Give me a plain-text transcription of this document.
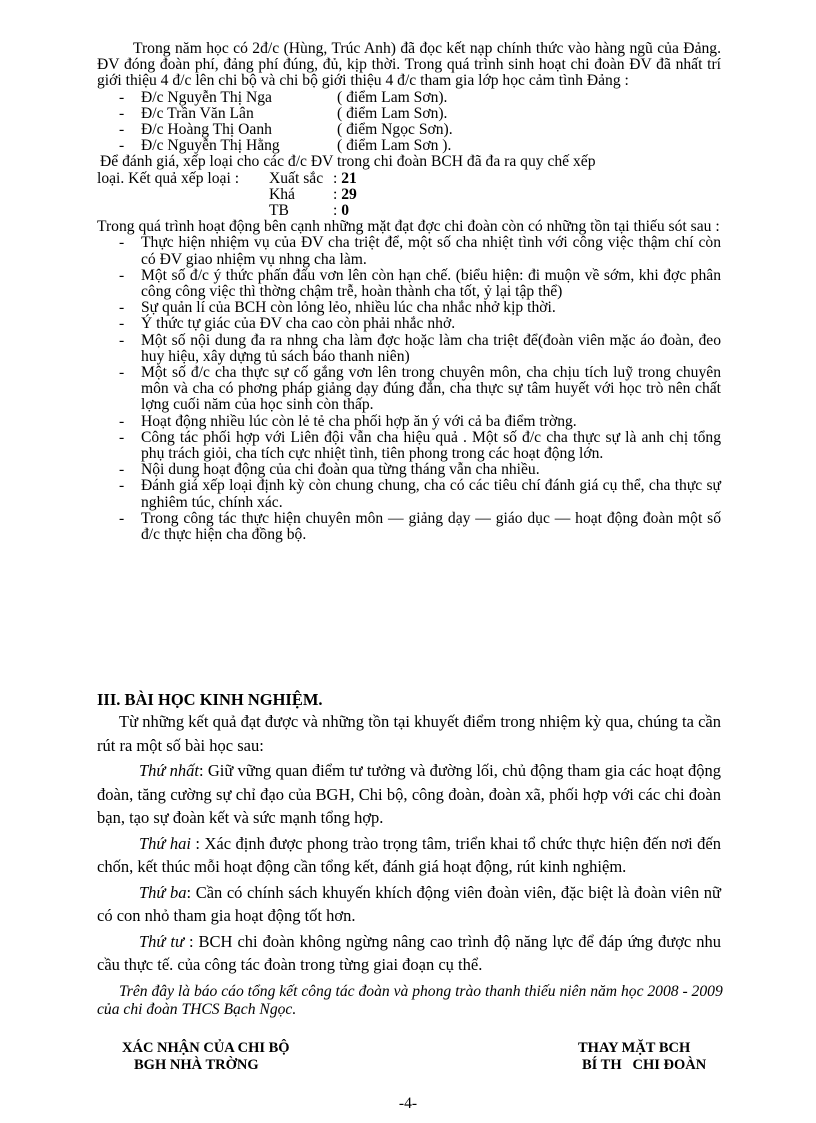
Trong năm học có 2đ/c (Hùng, Trúc Anh) đã đọc kết nạp chính thức vào hàng ngũ của Đảng. ĐV đóng đoàn phí, đảng phí đúng, đủ, kịp thời. Trong quá trình sinh hoạt chi đoàn ĐV đã nhất trí giới thiệu 4 đ/c lên chi bộ và chi bộ giới thiệu 4 đ/c tham gia lớp học cảm tình Đảng :

- Đ/c Nguyễn Thị Nga	( điểm Lam Sơn).
- Đ/c Trần Văn Lân	( điểm Lam Sơn).
- Đ/c Hoàng Thị Oanh	( điểm Ngọc Sơn).
- Đ/c Nguyễn Thị Hằng	( điểm Lam Sơn ).

Để đánh giá, xếp loại cho các đ/c ĐV trong chi đoàn BCH đã đa ra quy chế xếp

loại. Kết quả xếp loại :	Xuất sắc : 21
Khá : 29
TB	: 0

Trong quá trình hoạt động bên cạnh những mặt đạt đợc chi đoàn còn có những tồn tại thiếu sót sau :

- Thực hiện nhiệm vụ của ĐV cha triệt để, một số cha nhiệt tình với công việc thậm chí còn có ĐV giao nhiệm vụ nhng cha làm.
- Một số đ/c ý thức phấn đấu vơn lên còn hạn chế. (biểu hiện: đi muộn về sớm, khi đợc phân công công việc thì thờng chậm trễ, hoàn thành cha tốt, ỷ lại tập thể)
- Sự quản lí của BCH còn lỏng lẻo, nhiều lúc cha nhắc nhở kịp thời.
- Ý thức tự giác của ĐV cha cao còn phải nhắc nhở.
- Một số nội dung đa ra nhng cha làm đợc hoặc làm cha triệt để(đoàn viên mặc áo đoàn, đeo huy hiệu, xây dựng tủ sách báo thanh niên)
- Một số đ/c cha thực sự cố gắng vơn lên trong chuyên môn, cha chịu tích luỹ trong chuyên môn và cha có phơng pháp giảng dạy đúng đắn, cha thực sự tâm huyết với học trò nên chất lợng cuối năm của học sinh còn thấp.
- Hoạt động nhiều lúc còn lẻ tẻ cha phối hợp ăn ý với cả ba điểm trờng.
- Công tác phối hợp với Liên đội vẫn cha hiệu quả . Một số đ/c cha thực sự là anh chị tổng phụ trách giỏi, cha tích cực nhiệt tình, tiên phong trong các hoạt động lớn.
- Nội dung hoạt động của chi đoàn qua từng tháng vẫn cha nhiều.
- Đánh giá xếp loại định kỳ còn chung chung, cha có các tiêu chí đánh giá cụ thể, cha thực sự nghiêm túc, chính xác.
- Trong công tác thực hiện chuyên môn — giảng dạy — giáo dục — hoạt động đoàn một số đ/c thực hiện cha đồng bộ.
III. BÀI HỌC KINH NGHIỆM.

Từ những kết quả đạt được và những tồn tại khuyết điểm trong nhiệm kỳ qua, chúng ta cần rút ra một số bài học sau:

Thứ nhất: Giữ vững quan điểm tư tưởng và đường lối, chủ động tham gia các hoạt động đoàn, tăng cường sự chỉ đạo của BGH, Chi bộ, công đoàn, đoàn xã, phối hợp với các chi đoàn bạn, tạo sự đoàn kết và sức mạnh tổng hợp.

Thứ hai : Xác định được phong trào trọng tâm, triển khai tổ chức thực hiện đến nơi đến chốn, kết thúc mỗi hoạt động cần tổng kết, đánh giá hoạt động, rút kinh nghiệm.

Thứ ba: Cần có chính sách khuyến khích động viên đoàn viên, đặc biệt là đoàn viên nữ có con nhỏ tham gia hoạt động tốt hơn.

Thứ tư : BCH chi đoàn không ngừng nâng cao trình độ năng lực để đáp ứng được nhu cầu thực tế. của công tác đoàn trong từng giai đoạn cụ thể.

Trên đây là báo cáo tổng kết công tác đoàn và phong trào thanh thiếu niên năm học 2008 - 2009 của chi đoàn THCS Bạch Ngọc.
XÁC NHẬN CỦA CHI BỘ
BGH NHÀ TRỜNG
THAY MẶT BCH
BÍ TH   CHI ĐOÀN
-4-
